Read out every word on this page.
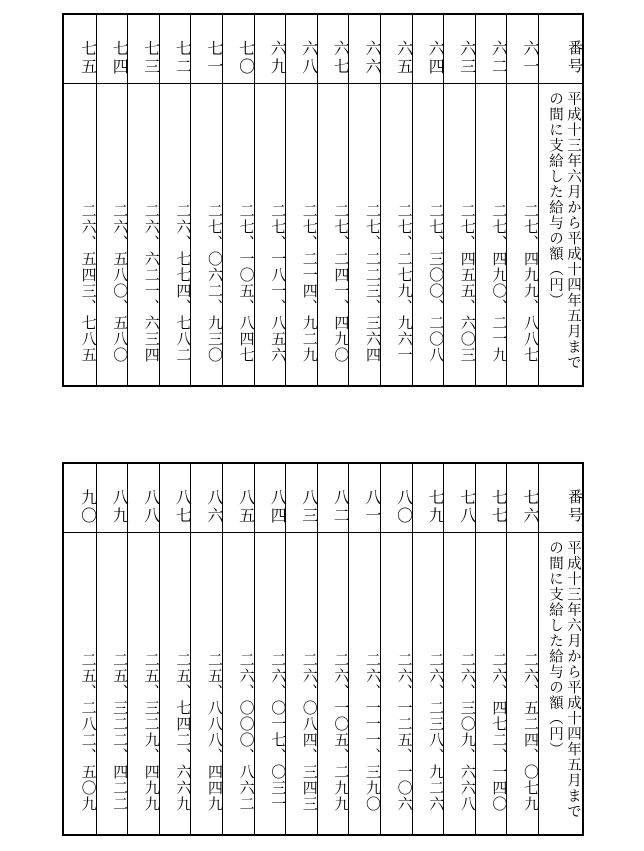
番号
平成十三年六月から平成十四年五月までの間に支給した給与の額（円）
六一
二七、四九九、八八七
六二
二七、四九〇、二一九
六三
二七、四五五、六〇三
六四
二七、三〇〇、二〇八
六五
二七、二七九、九六一
六六
二七、二二三、三六四
六七
二七、二四一、四九〇
六八
二七、二一四、九二九
六九
二七、一八一、八五六
七〇
二七、一〇五、八四七
七一
二七、〇六二、九三〇
七二
二六、七七四、七八二
七三
二六、六二一、六三四
七四
二六、五八〇、五八〇
七五
二六、五四三、七八五
番号
平成十三年六月から平成十四年五月までの間に支給した給与の額（円）
七六
二六、五二四、〇七九
七七
二六、四七二、一四〇
七八
二六、三〇九、六六八
七九
二六、二三八、九二六
八〇
二六、一二五、一〇六
八一
二六、一一一、三九〇
八二
二六、一〇五、二九九
八三
二六、〇八四、三四三
八四
二六、〇一七、〇三一
八五
二六、〇〇〇、八六二
八六
二五、八八八、四四九
八七
二五、七四二、六六九
八八
二五、三二九、四九九
八九
二五、三二二、四二二
九〇
二五、二八二、五〇九
